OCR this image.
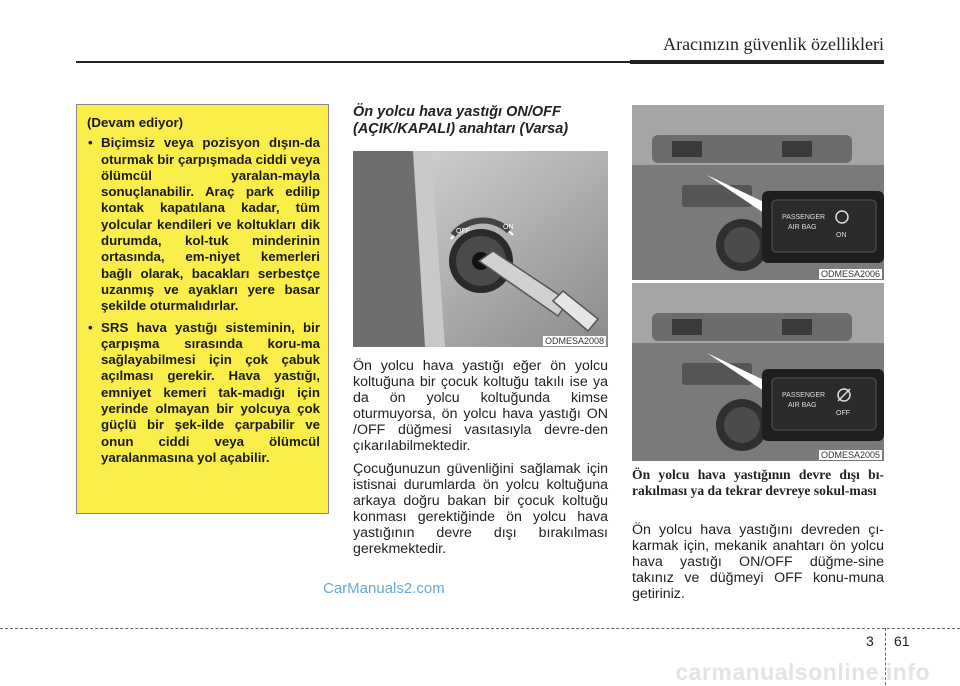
Aracınızın güvenlik özellikleri
(Devam ediyor)
• Biçimsiz veya pozisyon dışın-da oturmak bir çarpışmada ciddi veya ölümcül yaralan-mayla sonuçlanabilir. Araç park edilip kontak kapatılana kadar, tüm yolcular kendileri ve koltukları dik durumda, kol-tuk minderinin ortasında, em-niyet kemerleri bağlı olarak, bacakları serbestçe uzanmış ve ayakları yere basar şekilde oturmalıdırlar.
• SRS hava yastığı sisteminin, bir çarpışma sırasında koru-ma sağlayabilmesi için çok çabuk açılması gerekir. Hava yastığı, emniyet kemeri tak-madığı için yerinde olmayan bir yolcuya çok güçlü bir şek-ilde çarpabilir ve onun ciddi veya ölümcül yaralanmasına yol açabilir.
Ön yolcu hava yastığı ON/OFF (AÇIK/KAPALI) anahtarı (Varsa)
OFF
ON
ODMESA2008

Ön yolcu hava yastığı eğer ön yolcu koltuğuna bir çocuk koltuğu takılı ise ya da ön yolcu koltuğunda kimse oturmuyorsa, ön yolcu hava yastığı ON /OFF düğmesi vasıtasıyla devre-den çıkarılabilmektedir.

Çocuğunuzun güvenliğini sağlamak için istisnai durumlarda ön yolcu koltuğuna arkaya doğru bakan bir çocuk koltuğu konması gerektiğinde ön yolcu hava yastığının devre dışı bırakılması gerekmektedir.

PASSENGER
AIR BAG
ON
ODMESA2006
PASSENGER
AIR BAG
OFF
ODMESA2005
Ön yolcu hava yastığının devre dışı bı-rakılması ya da tekrar devreye sokul-ması
Ön yolcu hava yastığını devreden çı-karmak için, mekanik anahtarı ön yolcu hava yastığı ON/OFF düğme-sine takınız ve düğmeyi OFF konu-muna getiriniz.
CarManuals2.com
3 61
carmanualsonline.info
